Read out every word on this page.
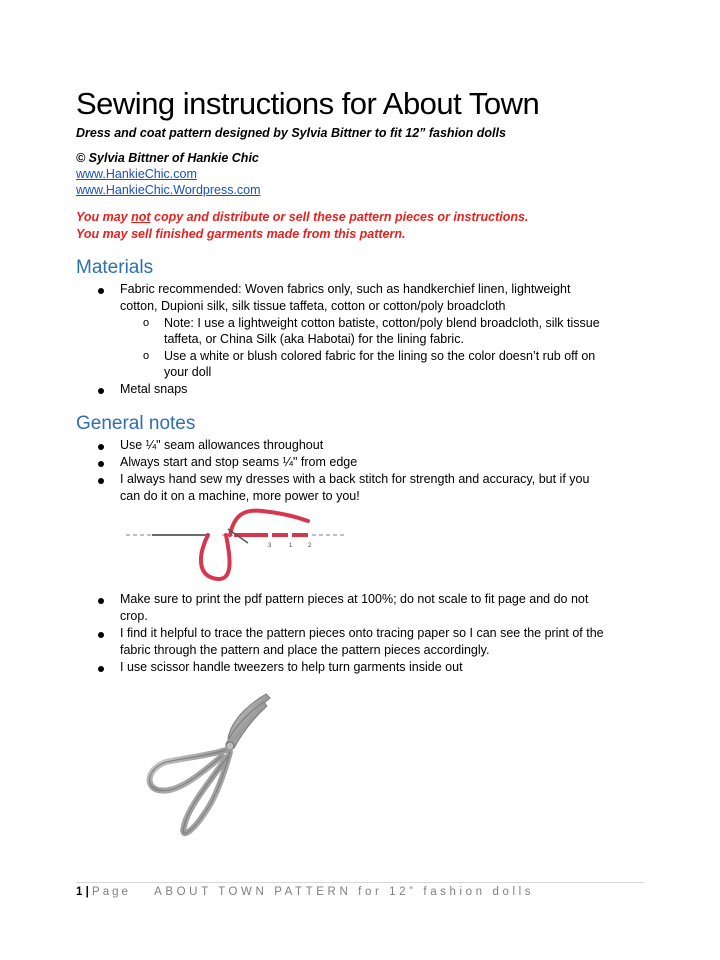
Sewing instructions for About Town
Dress and coat pattern designed by Sylvia Bittner to fit 12” fashion dolls
© Sylvia Bittner of Hankie Chic
www.HankieChic.com
www.HankieChic.Wordpress.com
You may not copy and distribute or sell these pattern pieces or instructions.
You may sell finished garments made from this pattern.
Materials
Fabric recommended: Woven fabrics only, such as handkerchief linen, lightweight
cotton, Dupioni silk, silk tissue taffeta, cotton or cotton/poly broadcloth
o Note: I use a lightweight cotton batiste, cotton/poly blend broadcloth, silk tissue
taffeta, or China Silk (aka Habotai) for the lining fabric.
o Use a white or blush colored fabric for the lining so the color doesn’t rub off on
your doll
Metal snaps
General notes
Use ¼" seam allowances throughout
Always start and stop seams ¼" from edge
I always hand sew my dresses with a back stitch for strength and accuracy, but if you
can do it on a machine, more power to you!
3	1	2
Make sure to print the pdf pattern pieces at 100%; do not scale to fit page and do not
crop.
I find it helpful to trace the pattern pieces onto tracing paper so I can see the print of the
fabric through the pattern and place the pattern pieces accordingly.
I use scissor handle tweezers to help turn garments inside out
1 | Page ABOUT TOWN PATTERN for 12” fashion dolls
